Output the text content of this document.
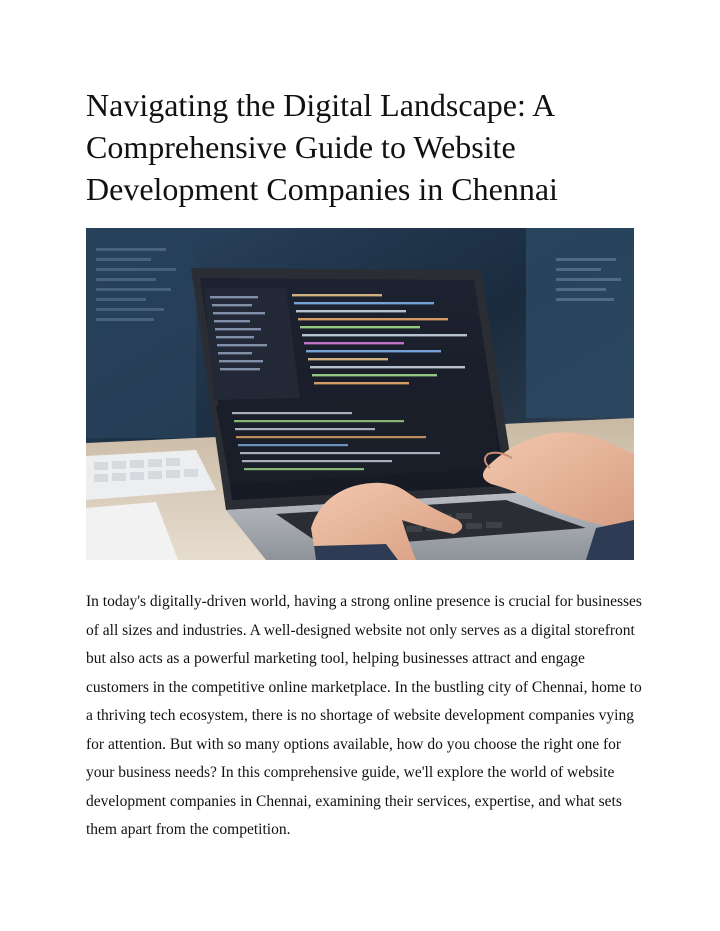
Navigating the Digital Landscape: A Comprehensive Guide to Website Development Companies in Chennai

In today's digitally-driven world, having a strong online presence is crucial for businesses of all sizes and industries. A well-designed website not only serves as a digital storefront but also acts as a powerful marketing tool, helping businesses attract and engage customers in the competitive online marketplace. In the bustling city of Chennai, home to a thriving tech ecosystem, there is no shortage of website development companies vying for attention. But with so many options available, how do you choose the right one for your business needs? In this comprehensive guide, we'll explore the world of website development companies in Chennai, examining their services, expertise, and what sets them apart from the competition.
